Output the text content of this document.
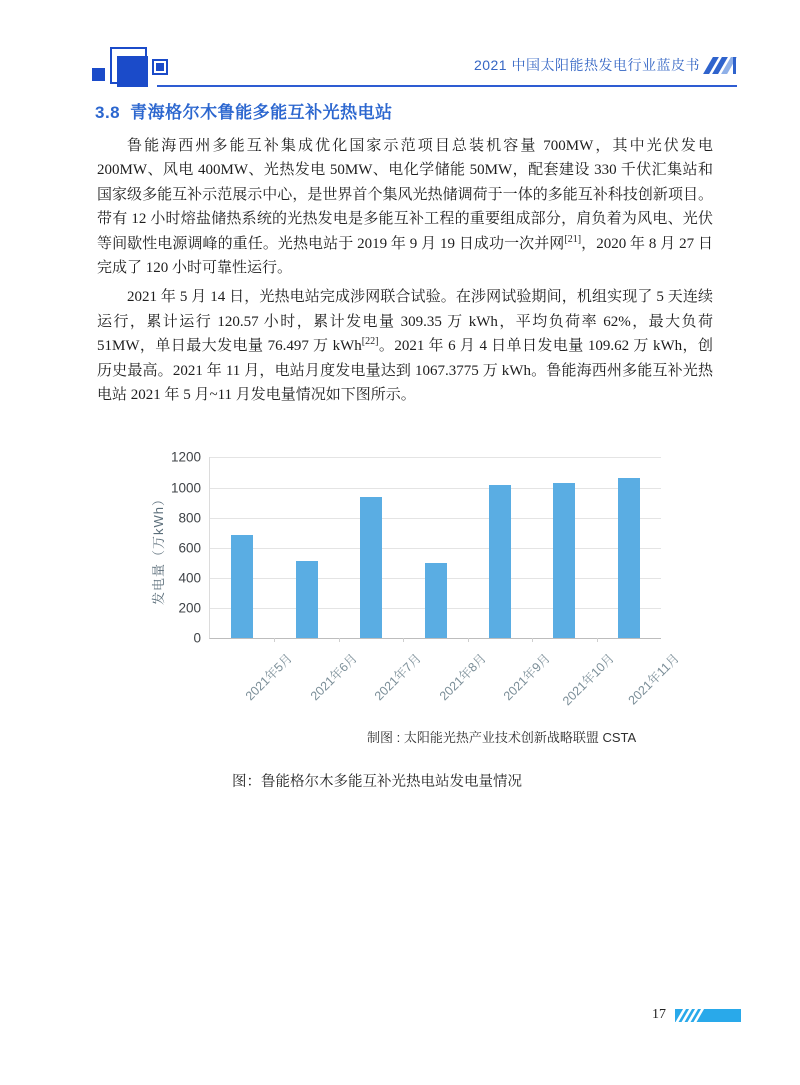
2021 中国太阳能热发电行业蓝皮书
3.8 青海格尔木鲁能多能互补光热电站

鲁能海西州多能互补集成优化国家示范项目总装机容量 700MW，其中光伏发电 200MW、风电 400MW、光热发电 50MW、电化学储能 50MW，配套建设 330 千伏汇集站和国家级多能互补示范展示中心，是世界首个集风光热储调荷于一体的多能互补科技创新项目。带有 12 小时熔盐储热系统的光热发电是多能互补工程的重要组成部分，肩负着为风电、光伏等间歇性电源调峰的重任。光热电站于 2019 年 9 月 19 日成功一次并网[21]，2020 年 8 月 27 日完成了 120 小时可靠性运行。

2021 年 5 月 14 日，光热电站完成涉网联合试验。在涉网试验期间，机组实现了 5 天连续运行，累计运行 120.57 小时，累计发电量 309.35 万 kWh，平均负荷率 62%，最大负荷 51MW，单日最大发电量 76.497 万 kWh[22]。2021 年 6 月 4 日单日发电量 109.62 万 kWh，创历史最高。2021 年 11 月，电站月度发电量达到 1067.3775 万 kWh。鲁能海西州多能互补光热电站 2021 年 5 月~11 月发电量情况如下图所示。

发电量（万kWh）
0
200
400
600
800
1000
1200
2021年5月 2021年6月 2021年7月 2021年8月 2021年9月 2021年10月 2021年11月
制图 : 太阳能光热产业技术创新战略联盟 CSTA
图：鲁能格尔木多能互补光热电站发电量情况
17
